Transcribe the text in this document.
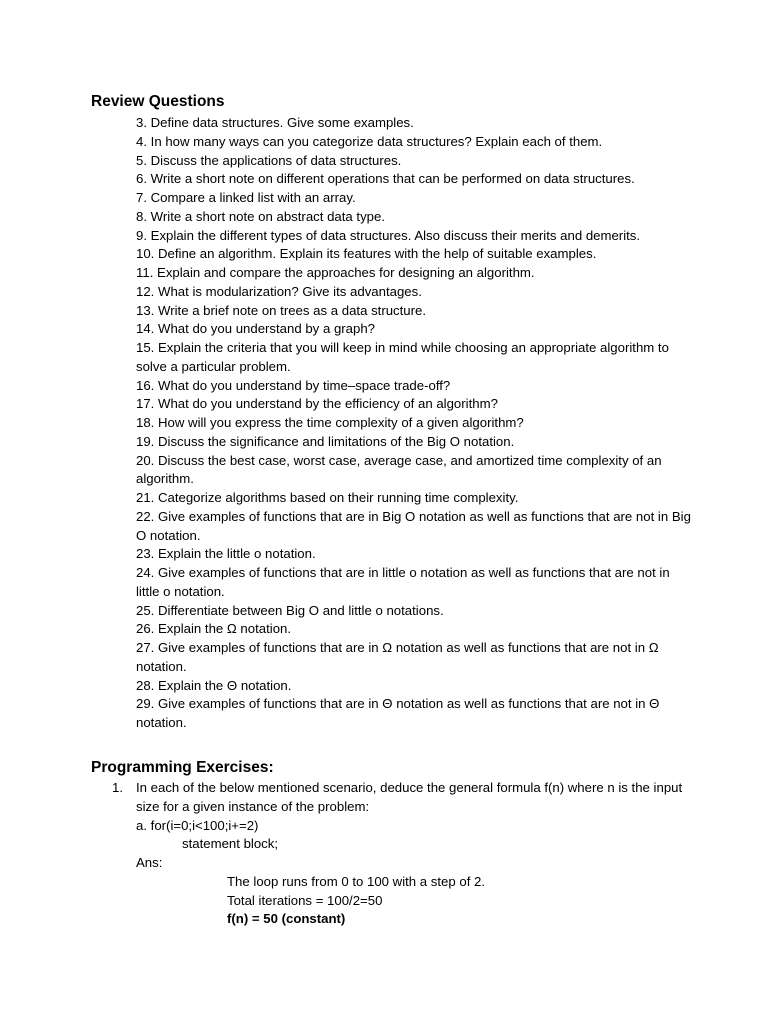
Review Questions
3. Define data structures. Give some examples.
4. In how many ways can you categorize data structures? Explain each of them.
5. Discuss the applications of data structures.
6. Write a short note on different operations that can be performed on data structures.
7. Compare a linked list with an array.
8. Write a short note on abstract data type.
9. Explain the different types of data structures. Also discuss their merits and demerits.
10. Define an algorithm. Explain its features with the help of suitable examples.
11. Explain and compare the approaches for designing an algorithm.
12. What is modularization? Give its advantages.
13. Write a brief note on trees as a data structure.
14. What do you understand by a graph?
15. Explain the criteria that you will keep in mind while choosing an appropriate algorithm to solve a particular problem.
16. What do you understand by time–space trade-off?
17. What do you understand by the efficiency of an algorithm?
18. How will you express the time complexity of a given algorithm?
19. Discuss the significance and limitations of the Big O notation.
20. Discuss the best case, worst case, average case, and amortized time complexity of an algorithm.
21. Categorize algorithms based on their running time complexity.
22. Give examples of functions that are in Big O notation as well as functions that are not in Big O notation.
23. Explain the little o notation.
24. Give examples of functions that are in little o notation as well as functions that are not in little o notation.
25. Differentiate between Big O and little o notations.
26. Explain the Ω notation.
27. Give examples of functions that are in Ω notation as well as functions that are not in Ω notation.
28. Explain the Θ notation.
29. Give examples of functions that are in Θ notation as well as functions that are not in Θ notation.
Programming Exercises:
1. In each of the below mentioned scenario, deduce the general formula f(n) where n is the input size for a given instance of the problem:
a. for(i=0;i<100;i+=2)
statement block;
Ans:
The loop runs from 0 to 100 with a step of 2.
Total iterations = 100/2=50
f(n) = 50 (constant)
